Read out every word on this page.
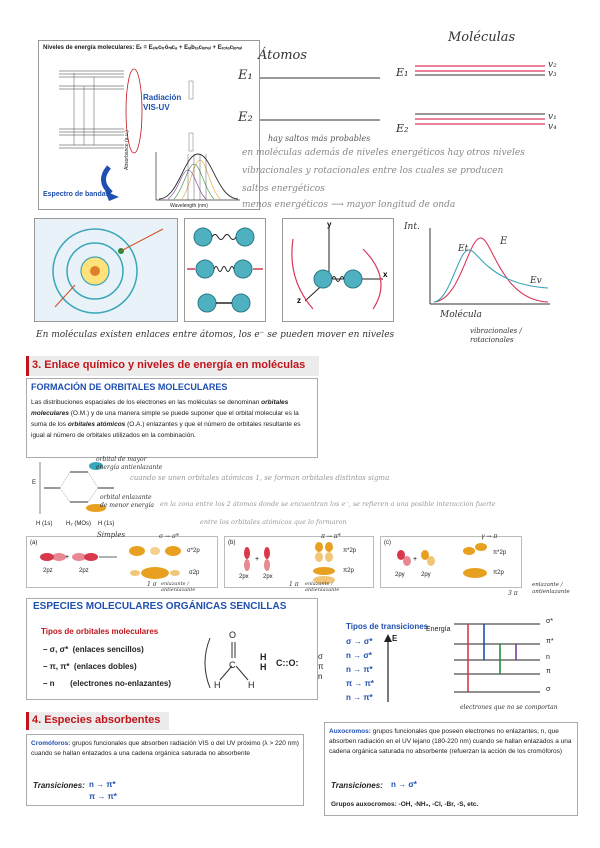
Niveles de energía moleculares: Eₜ = Eₑₗₑcₜᵣóₙᵢcₐ + Eᵥᵢbᵣₐcᵢₒₙₐₗ + Eᵣₒₜₐcᵢₒₙₐₗ
Radiación VIS-UV
Espectro de bandas
Absorbance (a.u.)
Wavelength (nm)
Átomos
Moléculas
E₁
E₂
E₁
E₂
v₂
v₃
v₁
v₄
hay saltos más probables
en moléculas además de niveles energéticos hay otros niveles
vibracionales y rotacionales entre los cuales se producen
saltos energéticos
menos energéticos ⟶ mayor longitud de onda
y
x
z
Int.
E
Et
Ev
Molécula
En moléculas existen enlaces entre átomos, los e⁻ se pueden mover en niveles	vibracionales / rotacionales
3. Enlace químico y niveles de energía en moléculas
FORMACIÓN DE ORBITALES MOLECULARES
Las distribuciones espaciales de los electrones en las moléculas se denominan orbitales moleculares (O.M.) y de una manera simple se puede suponer que el orbital molecular es la suma de los orbitales atómicos (O.A.) enlazantes y que el número de orbitales resultante es igual al número de orbitales utilizados en la combinación.
E
H (1s) H₂ (MOs) H (1s)
orbital de mayor energía antienlazante
cuando se unen orbitales atómicos 1, se forman orbitales distintos sigma
orbital enlazante de menor energía en la zona entre los 2 átomos donde se encuentran los e⁻, se refieren a una posible interacción fuerte
entre los orbitales atómicos que lo formaron
(a)
+
Simples	σ → σ*
σ*2p
σ2p
2pz	2pz
1 σ enlazante / antienlazante
(b)
+
π → π*
π*2p
π2p
2px 2px
1 π enlazante / antienlazante
(c)
+
γ → π
π*2p
π2p
2py	2py
3 π
enlazante / antienlazante
ESPECIES MOLECULARES ORGÁNICAS SENCILLAS
Tipos de orbitales moleculares
– σ, σ*  (enlaces sencillos)
– π, π*  (enlaces dobles)
– n       (electrones no-enlazantes)
O
C
H	H
H
H C::O:
σ
π
n
Tipos de transiciones
σ → σ*
n → σ*
n → π*
π → π*
n → π*
E
Energía
σ*
π*
n
π
σ
electrones que no se comportan
4. Especies absorbentes
Cromóforos: grupos funcionales que absorben radiación VIS o del UV próximo (λ > 220 nm) cuando se hallan enlazados a una cadena orgánica saturada no absorbente
Transiciones: n → π*
π → π*
Auxocromos: grupos funcionales que poseen electrones no enlazantes, n, que absorben radiación en el UV lejano (180-220 nm) cuando se hallan enlazados a una cadena orgánica saturada no absorbente (refuerzan la acción de los cromóforos)
Transiciones: n → σ*
Grupos auxocromos: -OH, -NH₂, -Cl, -Br, -S, etc.
